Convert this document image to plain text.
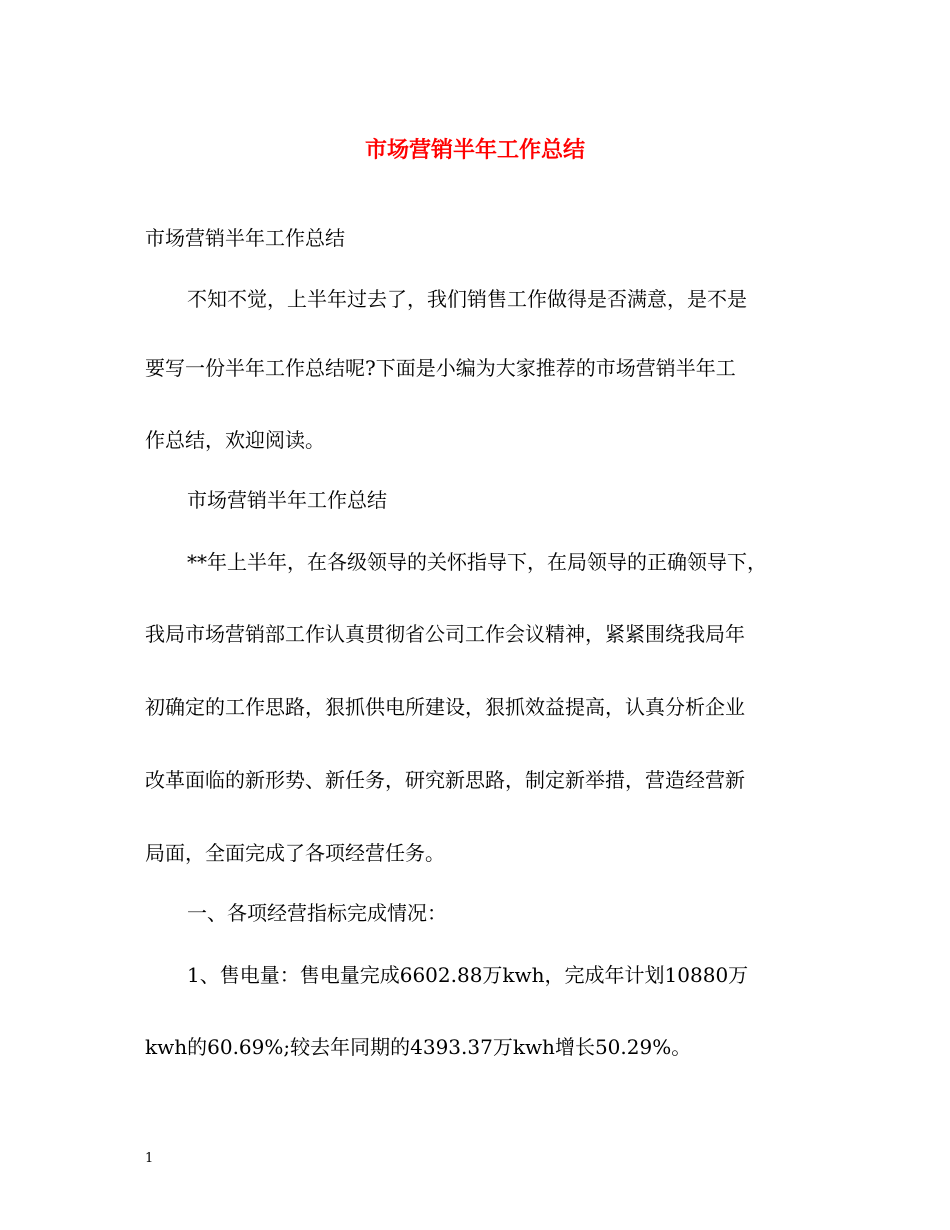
市场营销半年工作总结

市场营销半年工作总结

不知不觉，上半年过去了，我们销售工作做得是否满意，是不是

要写一份半年工作总结呢?下面是小编为大家推荐的市场营销半年工

作总结，欢迎阅读。

市场营销半年工作总结

**年上半年，在各级领导的关怀指导下，在局领导的正确领导下，

我局市场营销部工作认真贯彻省公司工作会议精神，紧紧围绕我局年

初确定的工作思路，狠抓供电所建设，狠抓效益提高，认真分析企业

改革面临的新形势、新任务，研究新思路，制定新举措，营造经营新

局面，全面完成了各项经营任务。

一、各项经营指标完成情况：

1、售电量：售电量完成6602.88万kwh，完成年计划10880万

kwh的60.69%;较去年同期的4393.37万kwh增长50.29%。

1
